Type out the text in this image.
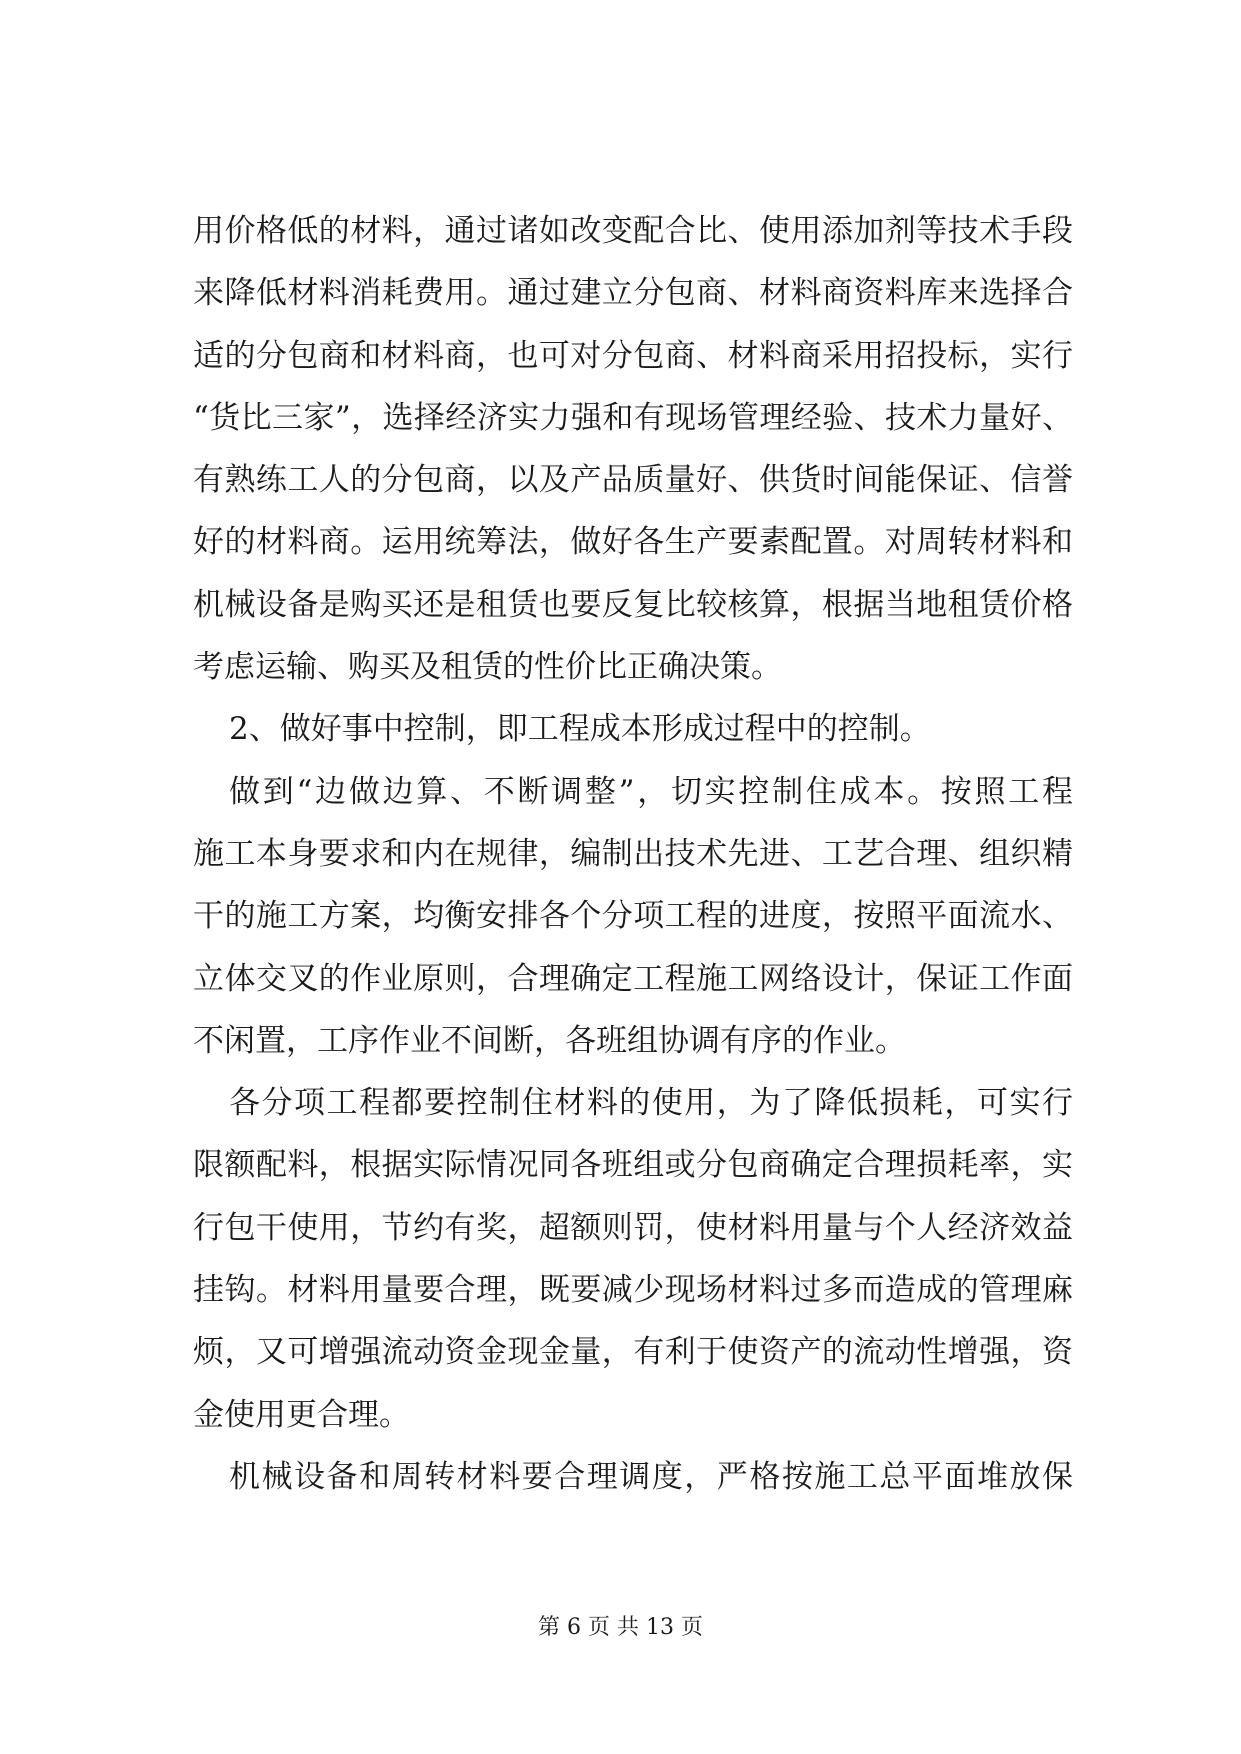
用价格低的材料，通过诸如改变配合比、使用添加剂等技术手段
来降低材料消耗费用。通过建立分包商、材料商资料库来选择合
适的分包商和材料商，也可对分包商、材料商采用招投标，实行
“货比三家”，选择经济实力强和有现场管理经验、技术力量好、
有熟练工人的分包商，以及产品质量好、供货时间能保证、信誉
好的材料商。运用统筹法，做好各生产要素配置。对周转材料和
机械设备是购买还是租赁也要反复比较核算，根据当地租赁价格
考虑运输、购买及租赁的性价比正确决策。
2、做好事中控制，即工程成本形成过程中的控制。
做到“边做边算、不断调整”，切实控制住成本。按照工程
施工本身要求和内在规律，编制出技术先进、工艺合理、组织精
干的施工方案，均衡安排各个分项工程的进度，按照平面流水、
立体交叉的作业原则，合理确定工程施工网络设计，保证工作面
不闲置，工序作业不间断，各班组协调有序的作业。
各分项工程都要控制住材料的使用，为了降低损耗，可实行
限额配料，根据实际情况同各班组或分包商确定合理损耗率，实
行包干使用，节约有奖，超额则罚，使材料用量与个人经济效益
挂钩。材料用量要合理，既要减少现场材料过多而造成的管理麻
烦，又可增强流动资金现金量，有利于使资产的流动性增强，资
金使用更合理。
机械设备和周转材料要合理调度，严格按施工总平面堆放保
第 6 页 共 13 页
